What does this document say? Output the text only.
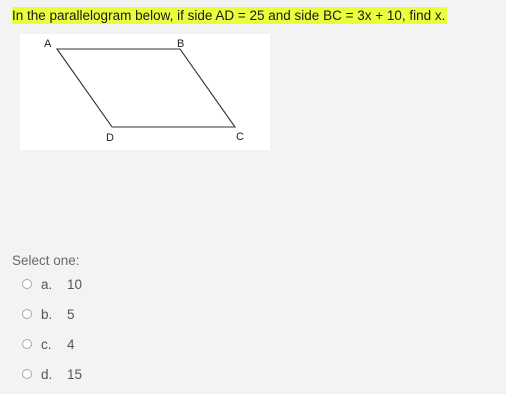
In the parallelogram below, if side AD = 25 and side BC = 3x + 10, find x.
A	B
C
D
Select one:
a.	10
b.	5
c.	4
d.	15
